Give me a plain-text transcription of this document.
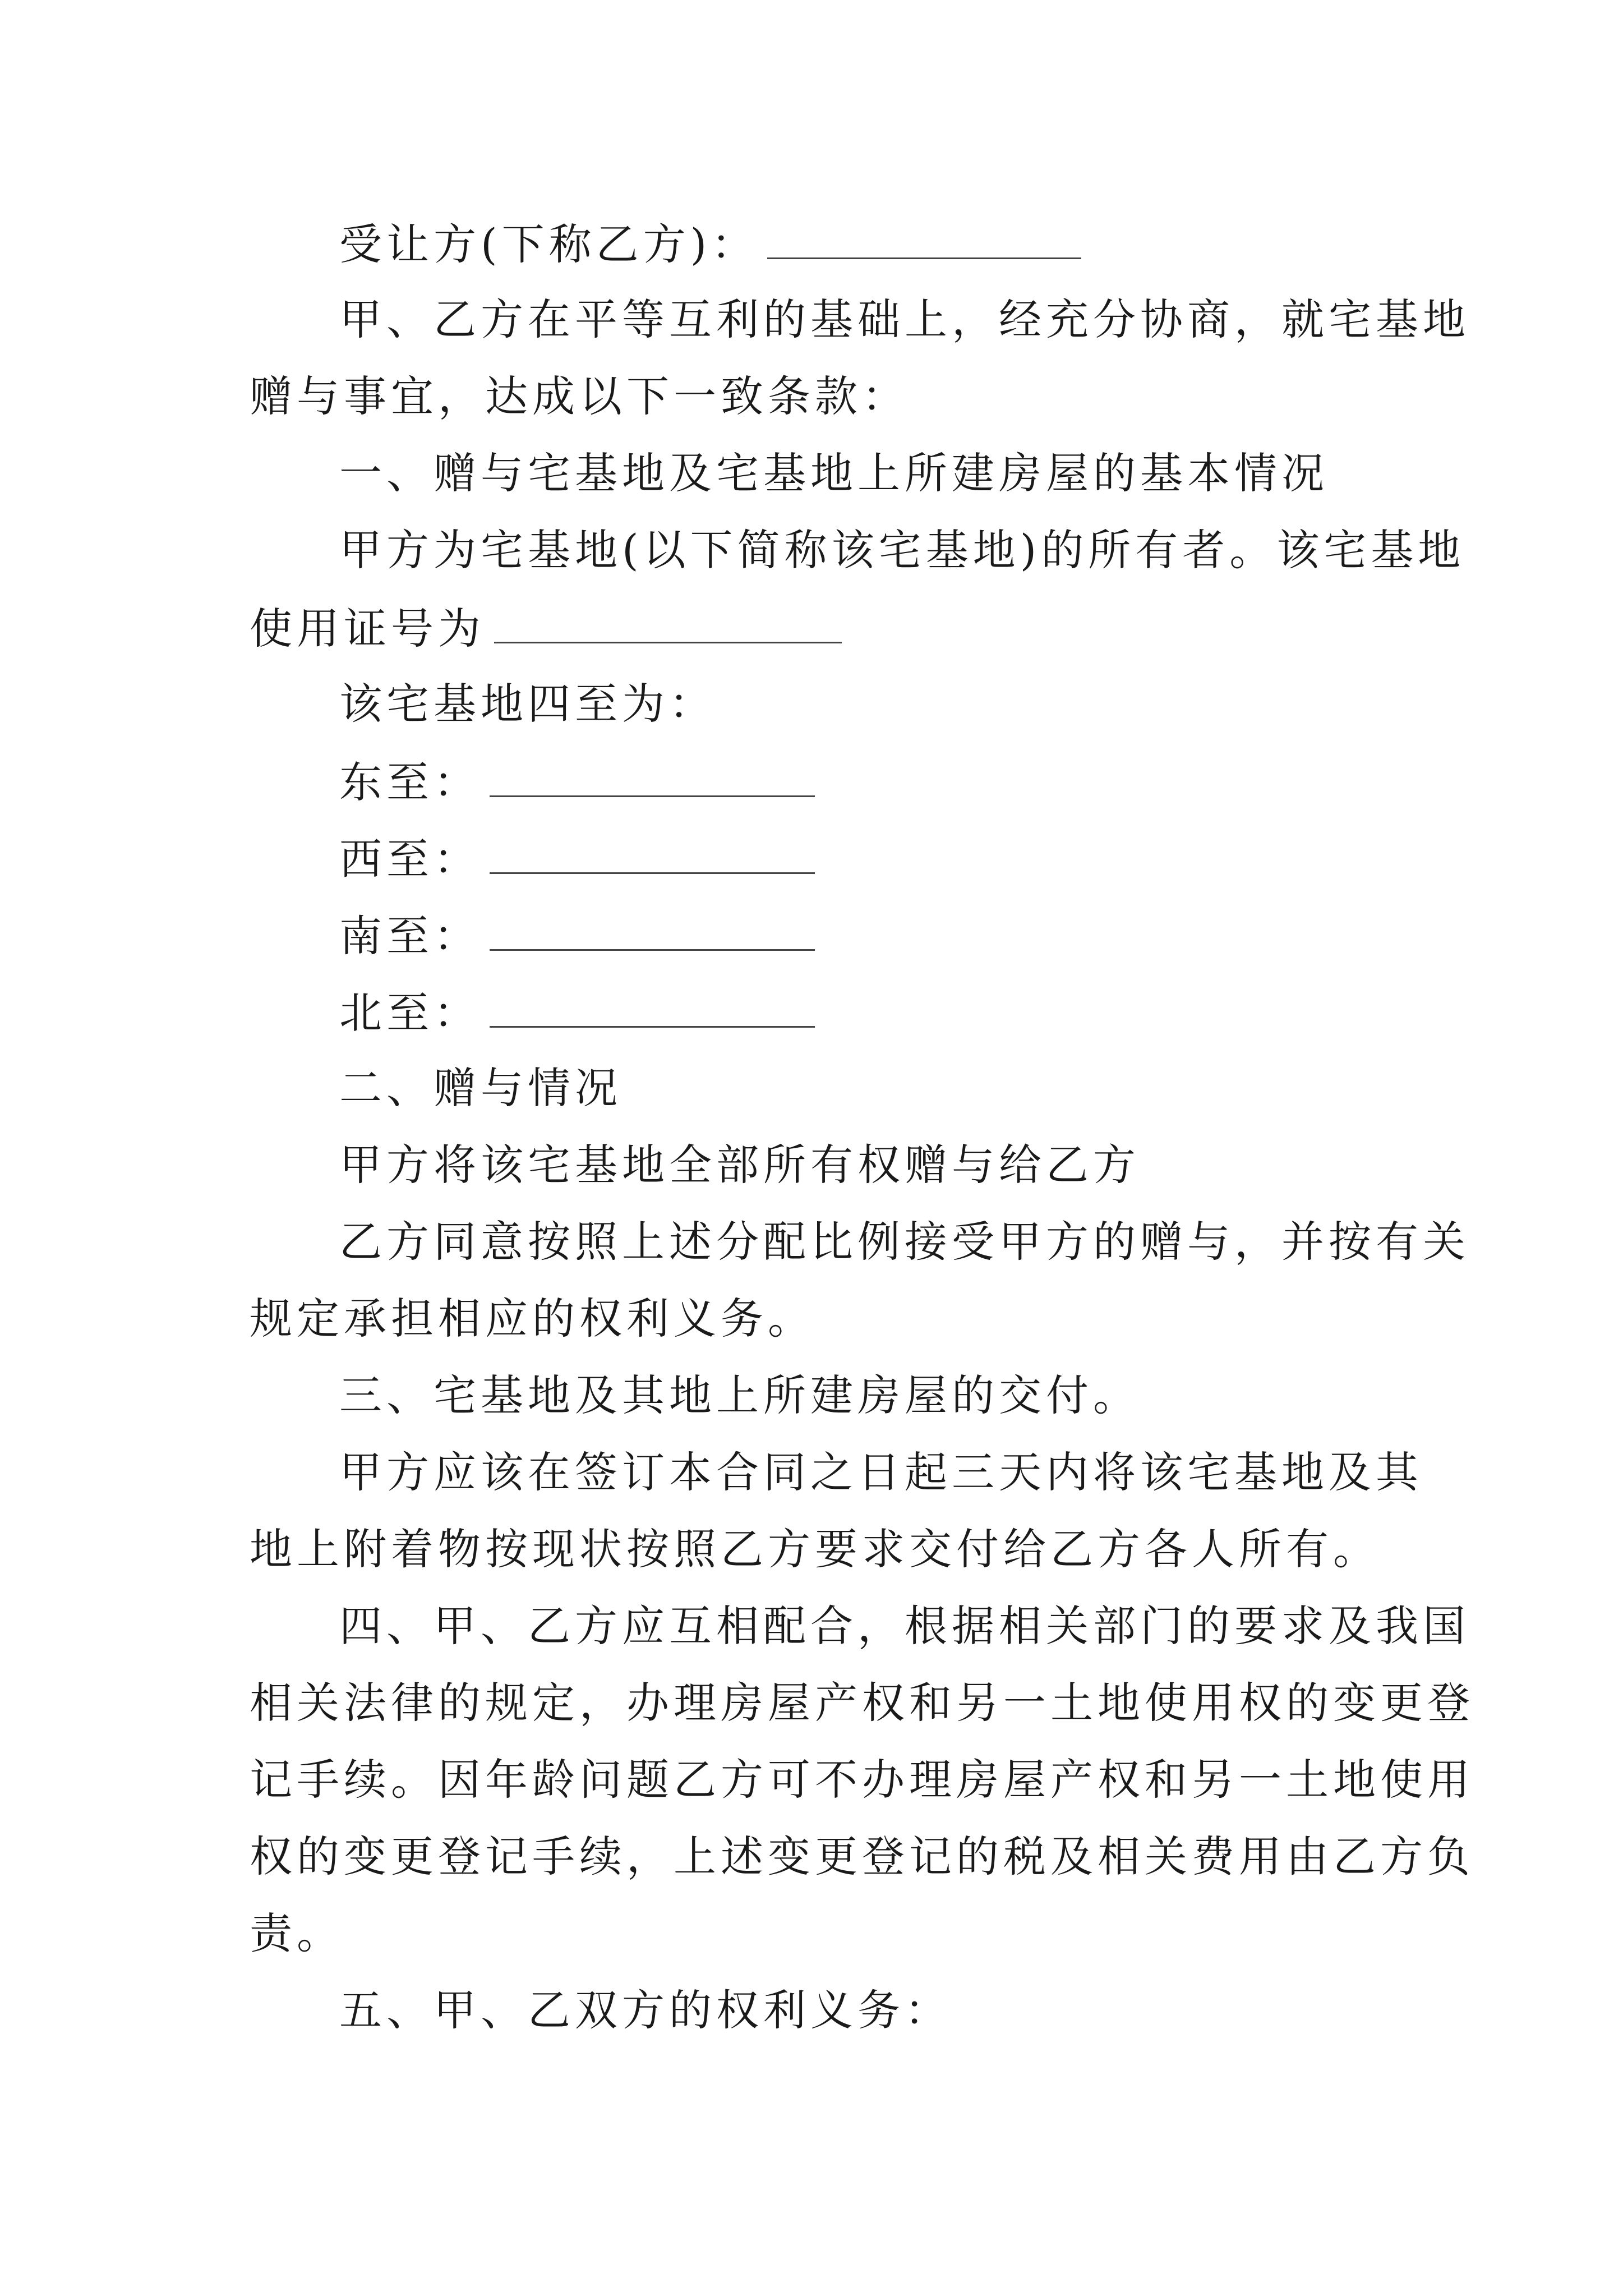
受让方(下称乙方)：
甲、乙方在平等互利的基础上，经充分协商，就宅基地
赠与事宜，达成以下一致条款：
一、赠与宅基地及宅基地上所建房屋的基本情况
甲方为宅基地(以下简称该宅基地)的所有者。该宅基地
使用证号为
该宅基地四至为：
东至：
西至：
南至：
北至：
二、赠与情况
甲方将该宅基地全部所有权赠与给乙方
乙方同意按照上述分配比例接受甲方的赠与，并按有关
规定承担相应的权利义务。
三、宅基地及其地上所建房屋的交付。
甲方应该在签订本合同之日起三天内将该宅基地及其
地上附着物按现状按照乙方要求交付给乙方各人所有。
四、甲、乙方应互相配合，根据相关部门的要求及我国
相关法律的规定，办理房屋产权和另一土地使用权的变更登
记手续。因年龄问题乙方可不办理房屋产权和另一土地使用
权的变更登记手续，上述变更登记的税及相关费用由乙方负
责。
五、甲、乙双方的权利义务：
